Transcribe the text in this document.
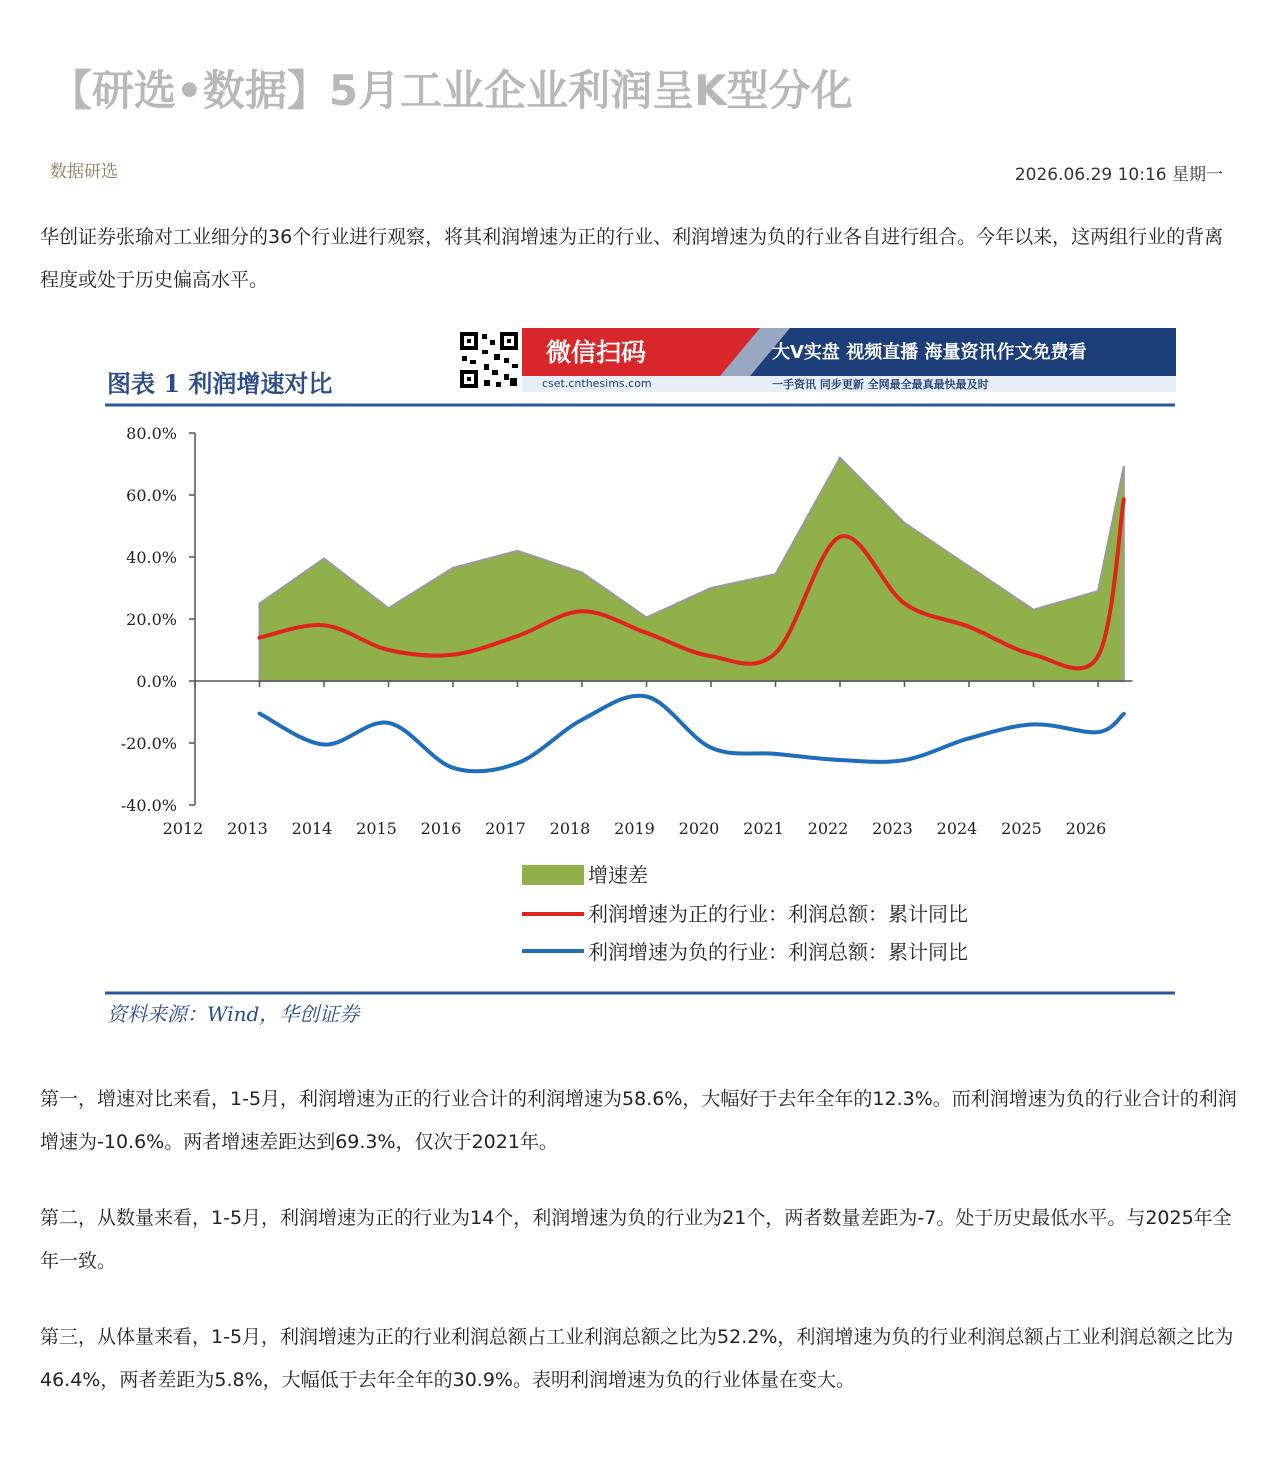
【研选•数据】5月工业企业利润呈K型分化
数据研选	2026.06.29 10:16 星期一
华创证券张瑜对工业细分的36个行业进行观察，将其利润增速为正的行业、利润增速为负的行业各自进行组合。今年以来，这两组行业的背离程度或处于历史偏高水平。
图表 1 利润增速对比
微信扫码
cset.cnthesims.com
大V实盘 视频直播 海量资讯作文免费看
一手资讯 同步更新 全网最全最真最快最及时
80.0%
60.0%
40.0%
20.0%
0.0%
-20.0%
-40.0%
2012 2013 2014 2015 2016 2017 2018 2019 2020 2021 2022 2023 2024 2025 2026
增速差
利润增速为正的行业：利润总额：累计同比
利润增速为负的行业：利润总额：累计同比
资料来源：Wind，华创证券
第一，增速对比来看，1-5月，利润增速为正的行业合计的利润增速为58.6%，大幅好于去年全年的12.3%。而利润增速为负的行业合计的利润增速为-10.6%。两者增速差距达到69.3%，仅次于2021年。
第二，从数量来看，1-5月，利润增速为正的行业为14个，利润增速为负的行业为21个，两者数量差距为-7。处于历史最低水平。与2025年全年一致。
第三，从体量来看，1-5月，利润增速为正的行业利润总额占工业利润总额之比为52.2%，利润增速为负的行业利润总额占工业利润总额之比为46.4%，两者差距为5.8%，大幅低于去年全年的30.9%。表明利润增速为负的行业体量在变大。
